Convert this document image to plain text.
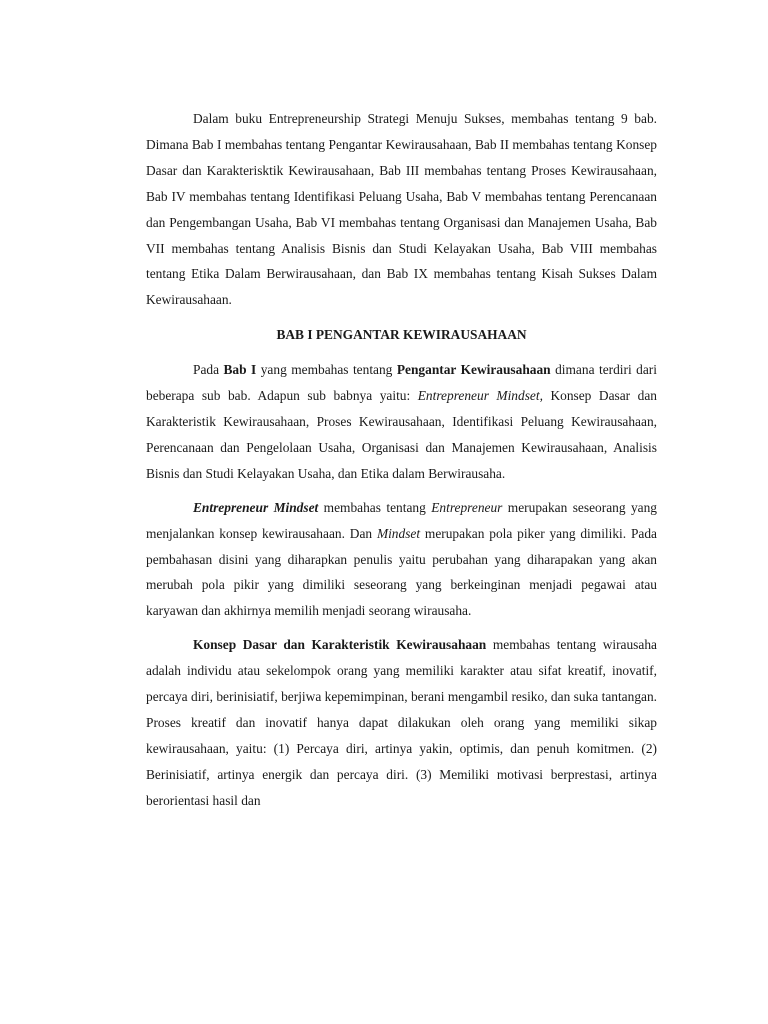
Dalam buku Entrepreneurship Strategi Menuju Sukses, membahas tentang 9 bab. Dimana Bab I membahas tentang Pengantar Kewirausahaan, Bab II membahas tentang Konsep Dasar dan Karakterisktik Kewirausahaan, Bab III membahas tentang Proses Kewirausahaan, Bab IV membahas tentang Identifikasi Peluang Usaha, Bab V membahas tentang Perencanaan dan Pengembangan Usaha, Bab VI membahas tentang Organisasi dan Manajemen Usaha, Bab VII membahas tentang Analisis Bisnis dan Studi Kelayakan Usaha, Bab VIII membahas tentang Etika Dalam Berwirausahaan, dan Bab IX membahas tentang Kisah Sukses Dalam Kewirausahaan.

BAB I PENGANTAR KEWIRAUSAHAAN

Pada Bab I yang membahas tentang Pengantar Kewirausahaan dimana terdiri dari beberapa sub bab. Adapun sub babnya yaitu: Entrepreneur Mindset, Konsep Dasar dan Karakteristik Kewirausahaan, Proses Kewirausahaan, Identifikasi Peluang Kewirausahaan, Perencanaan dan Pengelolaan Usaha, Organisasi dan Manajemen Kewirausahaan, Analisis Bisnis dan Studi Kelayakan Usaha, dan Etika dalam Berwirausaha.

Entrepreneur Mindset membahas tentang Entrepreneur merupakan seseorang yang menjalankan konsep kewirausahaan. Dan Mindset merupakan pola piker yang dimiliki. Pada pembahasan disini yang diharapkan penulis yaitu perubahan yang diharapakan yang akan merubah pola pikir yang dimiliki seseorang yang berkeinginan menjadi pegawai atau karyawan dan akhirnya memilih menjadi seorang wirausaha.

Konsep Dasar dan Karakteristik Kewirausahaan membahas tentang wirausaha adalah individu atau sekelompok orang yang memiliki karakter atau sifat kreatif, inovatif, percaya diri, berinisiatif, berjiwa kepemimpinan, berani mengambil resiko, dan suka tantangan. Proses kreatif dan inovatif hanya dapat dilakukan oleh orang yang memiliki sikap kewirausahaan, yaitu: (1) Percaya diri, artinya yakin, optimis, dan penuh komitmen. (2) Berinisiatif, artinya energik dan percaya diri. (3) Memiliki motivasi berprestasi, artinya berorientasi hasil dan
